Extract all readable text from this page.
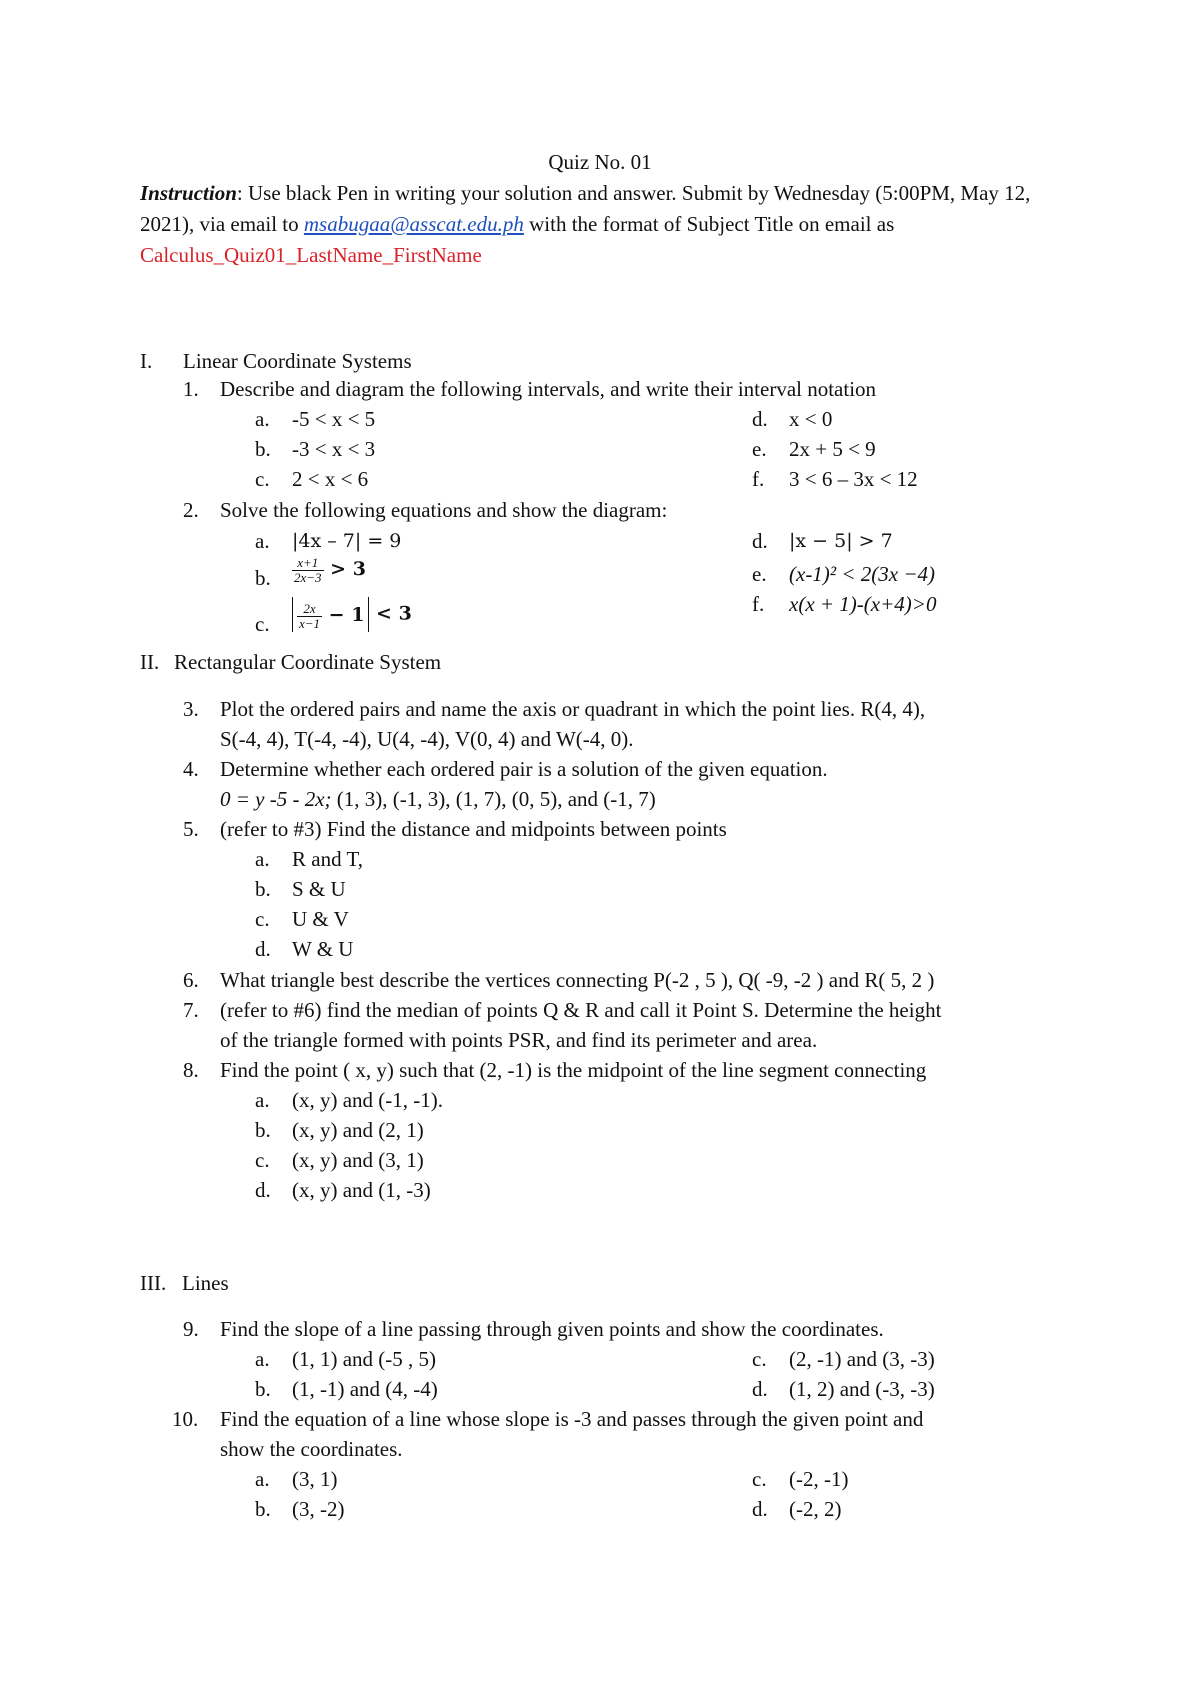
Quiz No. 01
Instruction: Use black Pen in writing your solution and answer. Submit by Wednesday (5:00PM, May 12, 2021), via email to msabugaa@asscat.edu.ph with the format of Subject Title on email as Calculus_Quiz01_LastName_FirstName
I. Linear Coordinate Systems
1. Describe and diagram the following intervals, and write their interval notation
a. -5 < x < 5
b. -3 < x < 3
c. 2 < x < 6
d. x < 0
e. 2x + 5 < 9
f. 3 < 6 – 3x < 12
2. Solve the following equations and show the diagram:
a. |4x – 7| = 9
b. $\frac{x+1}{2x-3} > 3$
c. $\frac{2x}{x-1} - 1 < 3$
d. |x − 5| > 7
e. (x-1)² < 2(3x −4)
f. x(x + 1)-(x+4)>0
II. Rectangular Coordinate System
3. Plot the ordered pairs and name the axis or quadrant in which the point lies. R(4, 4),
S(-4, 4), T(-4, -4), U(4, -4), V(0, 4) and W(-4, 0).
4. Determine whether each ordered pair is a solution of the given equation.
0 = y -5 - 2x; (1, 3), (-1, 3), (1, 7), (0, 5), and (-1, 7)
5. (refer to #3) Find the distance and midpoints between points
a. R and T,
b. S & U
c. U & V
d. W & U
6. What triangle best describe the vertices connecting P(-2 , 5 ), Q( -9, -2 ) and R( 5, 2 )
7. (refer to #6) find the median of points Q & R and call it Point S. Determine the height
of the triangle formed with points PSR, and find its perimeter and area.
8. Find the point ( x, y) such that (2, -1) is the midpoint of the line segment connecting
a. (x, y) and (-1, -1).
b. (x, y) and (2, 1)
c. (x, y) and (3, 1)
d. (x, y) and (1, -3)
III. Lines
9. Find the slope of a line passing through given points and show the coordinates.
a. (1, 1) and (-5 , 5)
b. (1, -1) and (4, -4)
c. (2, -1) and (3, -3)
d. (1, 2) and (-3, -3)
10. Find the equation of a line whose slope is -3 and passes through the given point and
show the coordinates.
a. (3, 1)
b. (3, -2)
c. (-2, -1)
d. (-2, 2)
